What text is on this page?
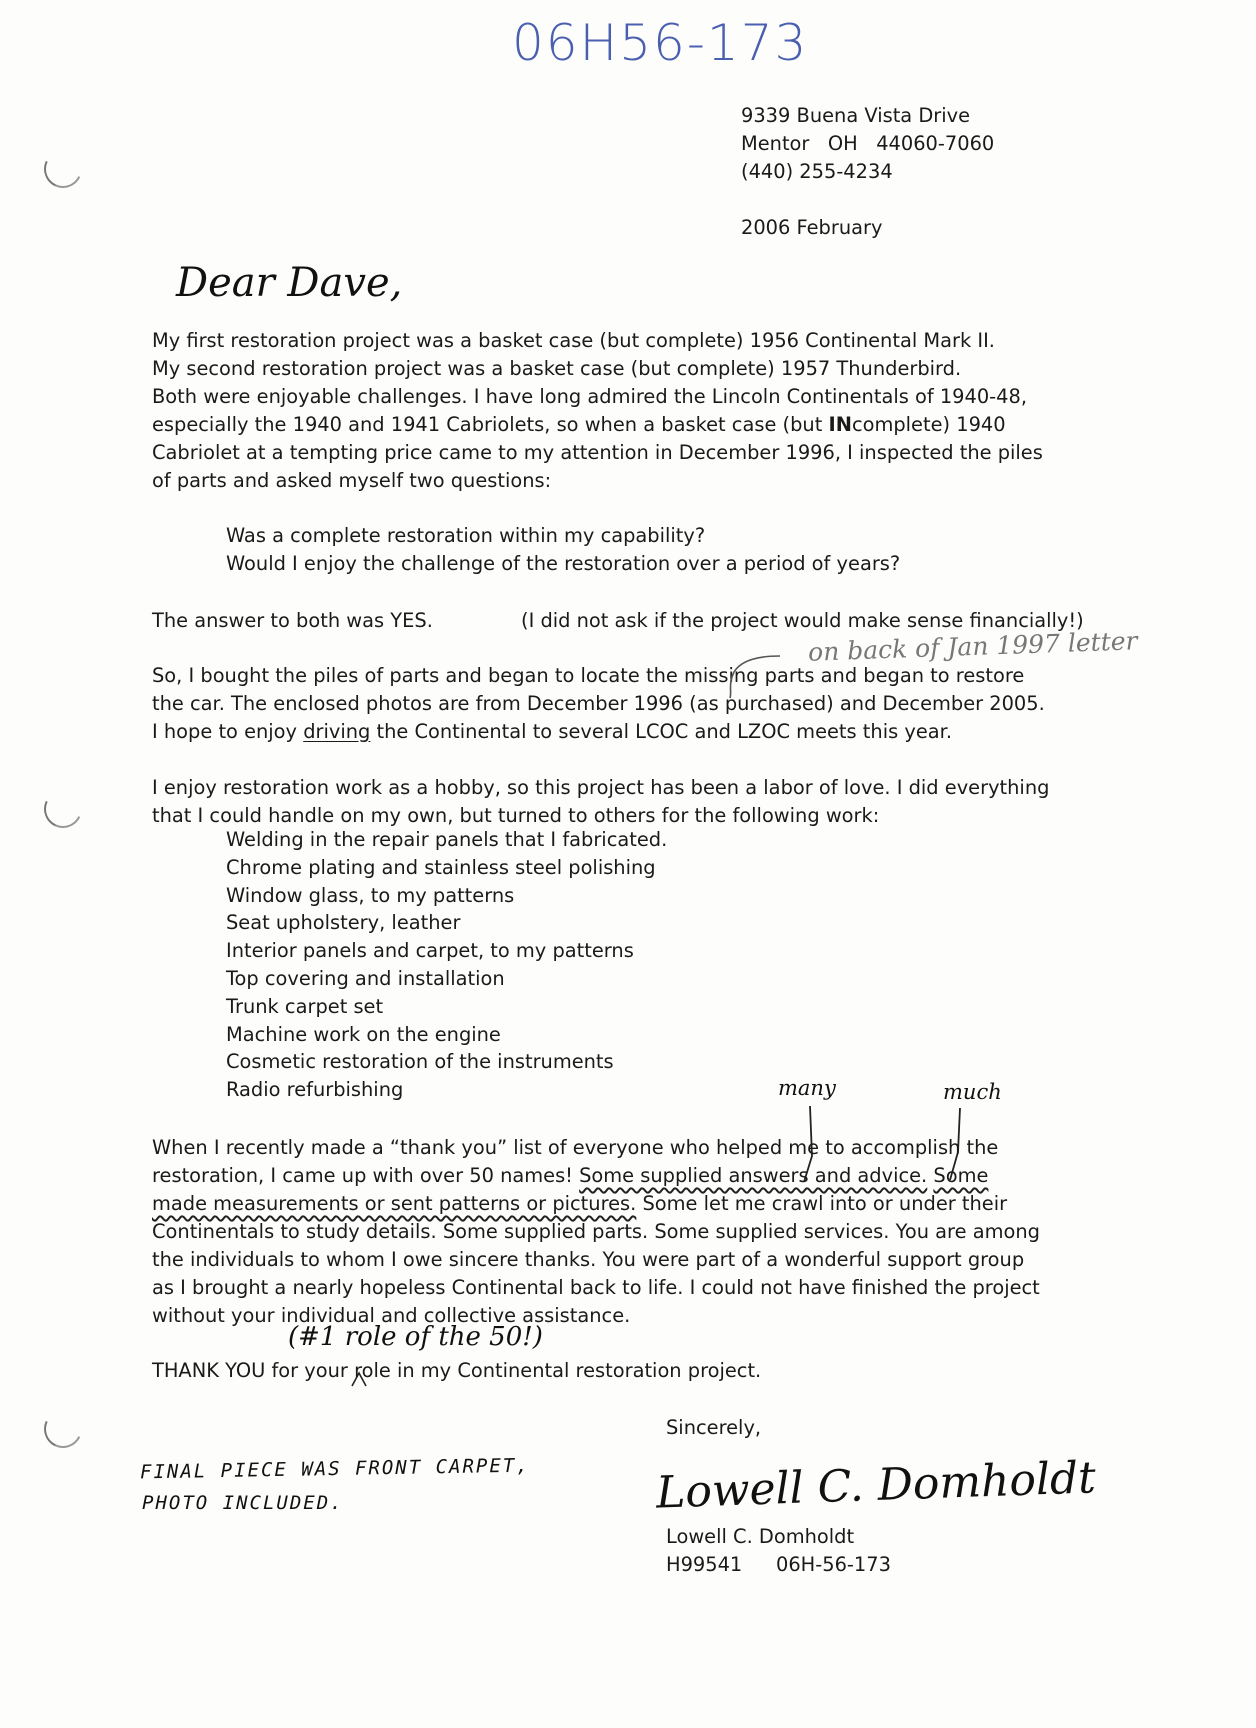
06H56-173
9339 Buena Vista Drive
Mentor   OH   44060-7060
(440) 255-4234
2006 February
Dear Dave,

My first restoration project was a basket case (but complete) 1956 Continental Mark II.

My second restoration project was a basket case (but complete) 1957 Thunderbird.

Both were enjoyable challenges. I have long admired the Lincoln Continentals of 1940-48,

especially the 1940 and 1941 Cabriolets, so when a basket case (but INcomplete) 1940

Cabriolet at a tempting price came to my attention in December 1996, I inspected the piles

of parts and asked myself two questions:

Was a complete restoration within my capability?
Would I enjoy the challenge of the restoration over a period of years?
The answer to both was YES.	(I did not ask if the project would make sense financially!)
on back of Jan 1997 letter

So, I bought the piles of parts and began to locate the missing parts and began to restore

the car. The enclosed photos are from December 1996 (as purchased) and December 2005.

I hope to enjoy driving the Continental to several LCOC and LZOC meets this year.

I enjoy restoration work as a hobby, so this project has been a labor of love. I did everything

that I could handle on my own, but turned to others for the following work:

Welding in the repair panels that I fabricated.
Chrome plating and stainless steel polishing
Window glass, to my patterns
Seat upholstery, leather
Interior panels and carpet, to my patterns
Top covering and installation
Trunk carpet set
Machine work on the engine
Cosmetic restoration of the instruments
Radio refurbishing	many	much

When I recently made a “thank you” list of everyone who helped me to accomplish the

restoration, I came up with over 50 names! Some supplied answers and advice. Some

made measurements or sent patterns or pictures. Some let me crawl into or under their

Continentals to study details. Some supplied parts. Some supplied services. You are among

the individuals to whom I owe sincere thanks. You were part of a wonderful support group

as I brought a nearly hopeless Continental back to life. I could not have finished the project

without your individual and collective assistance.

(#1 role of the 50!)
THANK YOU for your role in my Continental restoration project.
Sincerely,
Lowell C. Domholdt
Lowell C. Domholdt
H99541 06H-56-173
FINAL PIECE WAS FRONT CARPET,
PHOTO INCLUDED.
